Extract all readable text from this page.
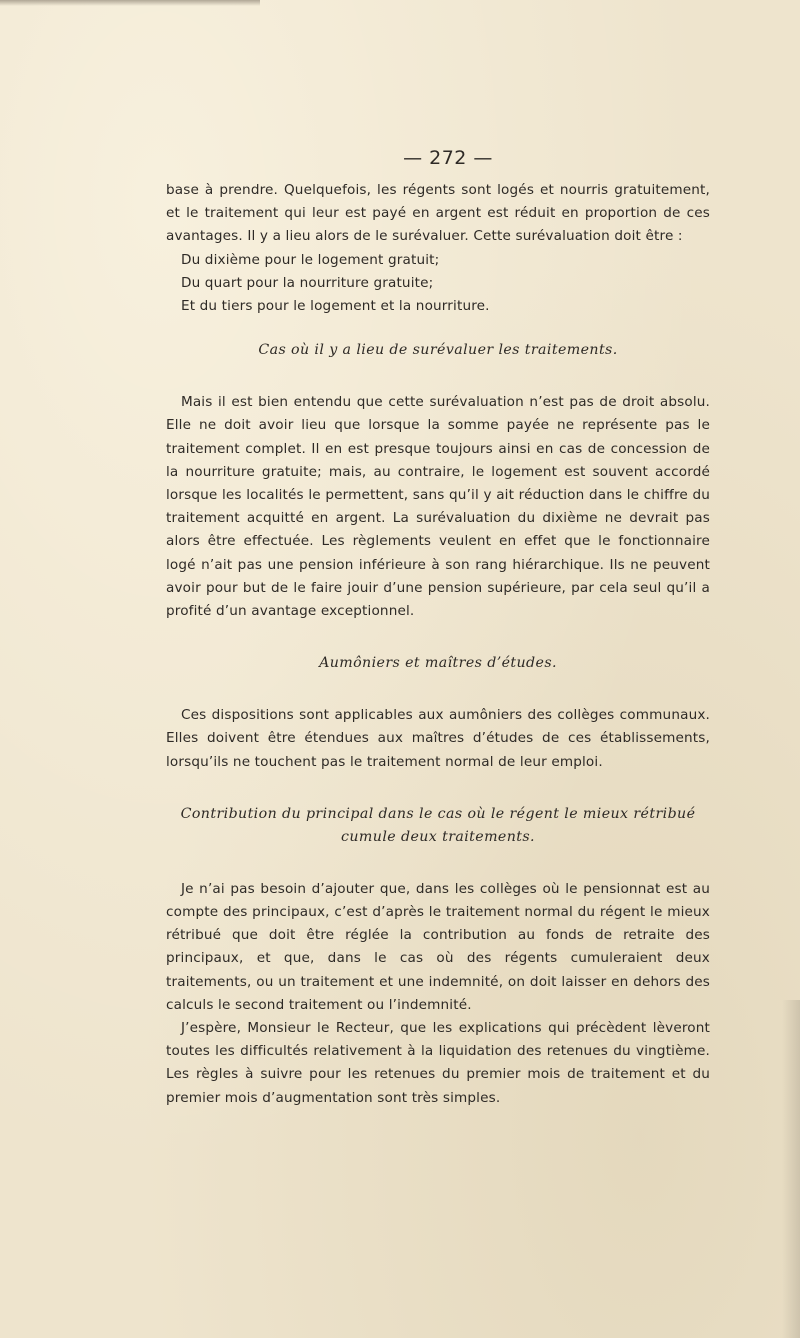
— 272 —

base à prendre. Quelquefois, les régents sont logés et nourris gratuitement, et le traitement qui leur est payé en argent est réduit en proportion de ces avantages. Il y a lieu alors de le surévaluer. Cette surévaluation doit être :

Du dixième pour le logement gratuit;

Du quart pour la nourriture gratuite;

Et du tiers pour le logement et la nourriture.

Cas où il y a lieu de surévaluer les traitements.

Mais il est bien entendu que cette surévaluation n’est pas de droit absolu. Elle ne doit avoir lieu que lorsque la somme payée ne représente pas le traitement complet. Il en est presque toujours ainsi en cas de concession de la nourriture gratuite; mais, au contraire, le logement est souvent accordé lorsque les localités le permettent, sans qu’il y ait réduction dans le chiffre du traitement acquitté en argent. La surévaluation du dixième ne devrait pas alors être effectuée. Les règlements veulent en effet que le fonctionnaire logé n’ait pas une pension inférieure à son rang hiérarchique. Ils ne peuvent avoir pour but de le faire jouir d’une pension supérieure, par cela seul qu’il a profité d’un avantage exceptionnel.

Aumôniers et maîtres d’études.

Ces dispositions sont applicables aux aumôniers des collèges communaux. Elles doivent être étendues aux maîtres d’études de ces établissements, lorsqu’ils ne touchent pas le traitement normal de leur emploi.

Contribution du principal dans le cas où le régent le mieux rétribué
cumule deux traitements.

Je n’ai pas besoin d’ajouter que, dans les collèges où le pensionnat est au compte des principaux, c’est d’après le traitement normal du régent le mieux rétribué que doit être réglée la contribution au fonds de retraite des principaux, et que, dans le cas où des régents cumuleraient deux traitements, ou un traitement et une indemnité, on doit laisser en dehors des calculs le second traitement ou l’indemnité.

J’espère, Monsieur le Recteur, que les explications qui précèdent lèveront toutes les difficultés relativement à la liquidation des retenues du vingtième. Les règles à suivre pour les retenues du premier mois de traitement et du premier mois d’augmentation sont très simples.
